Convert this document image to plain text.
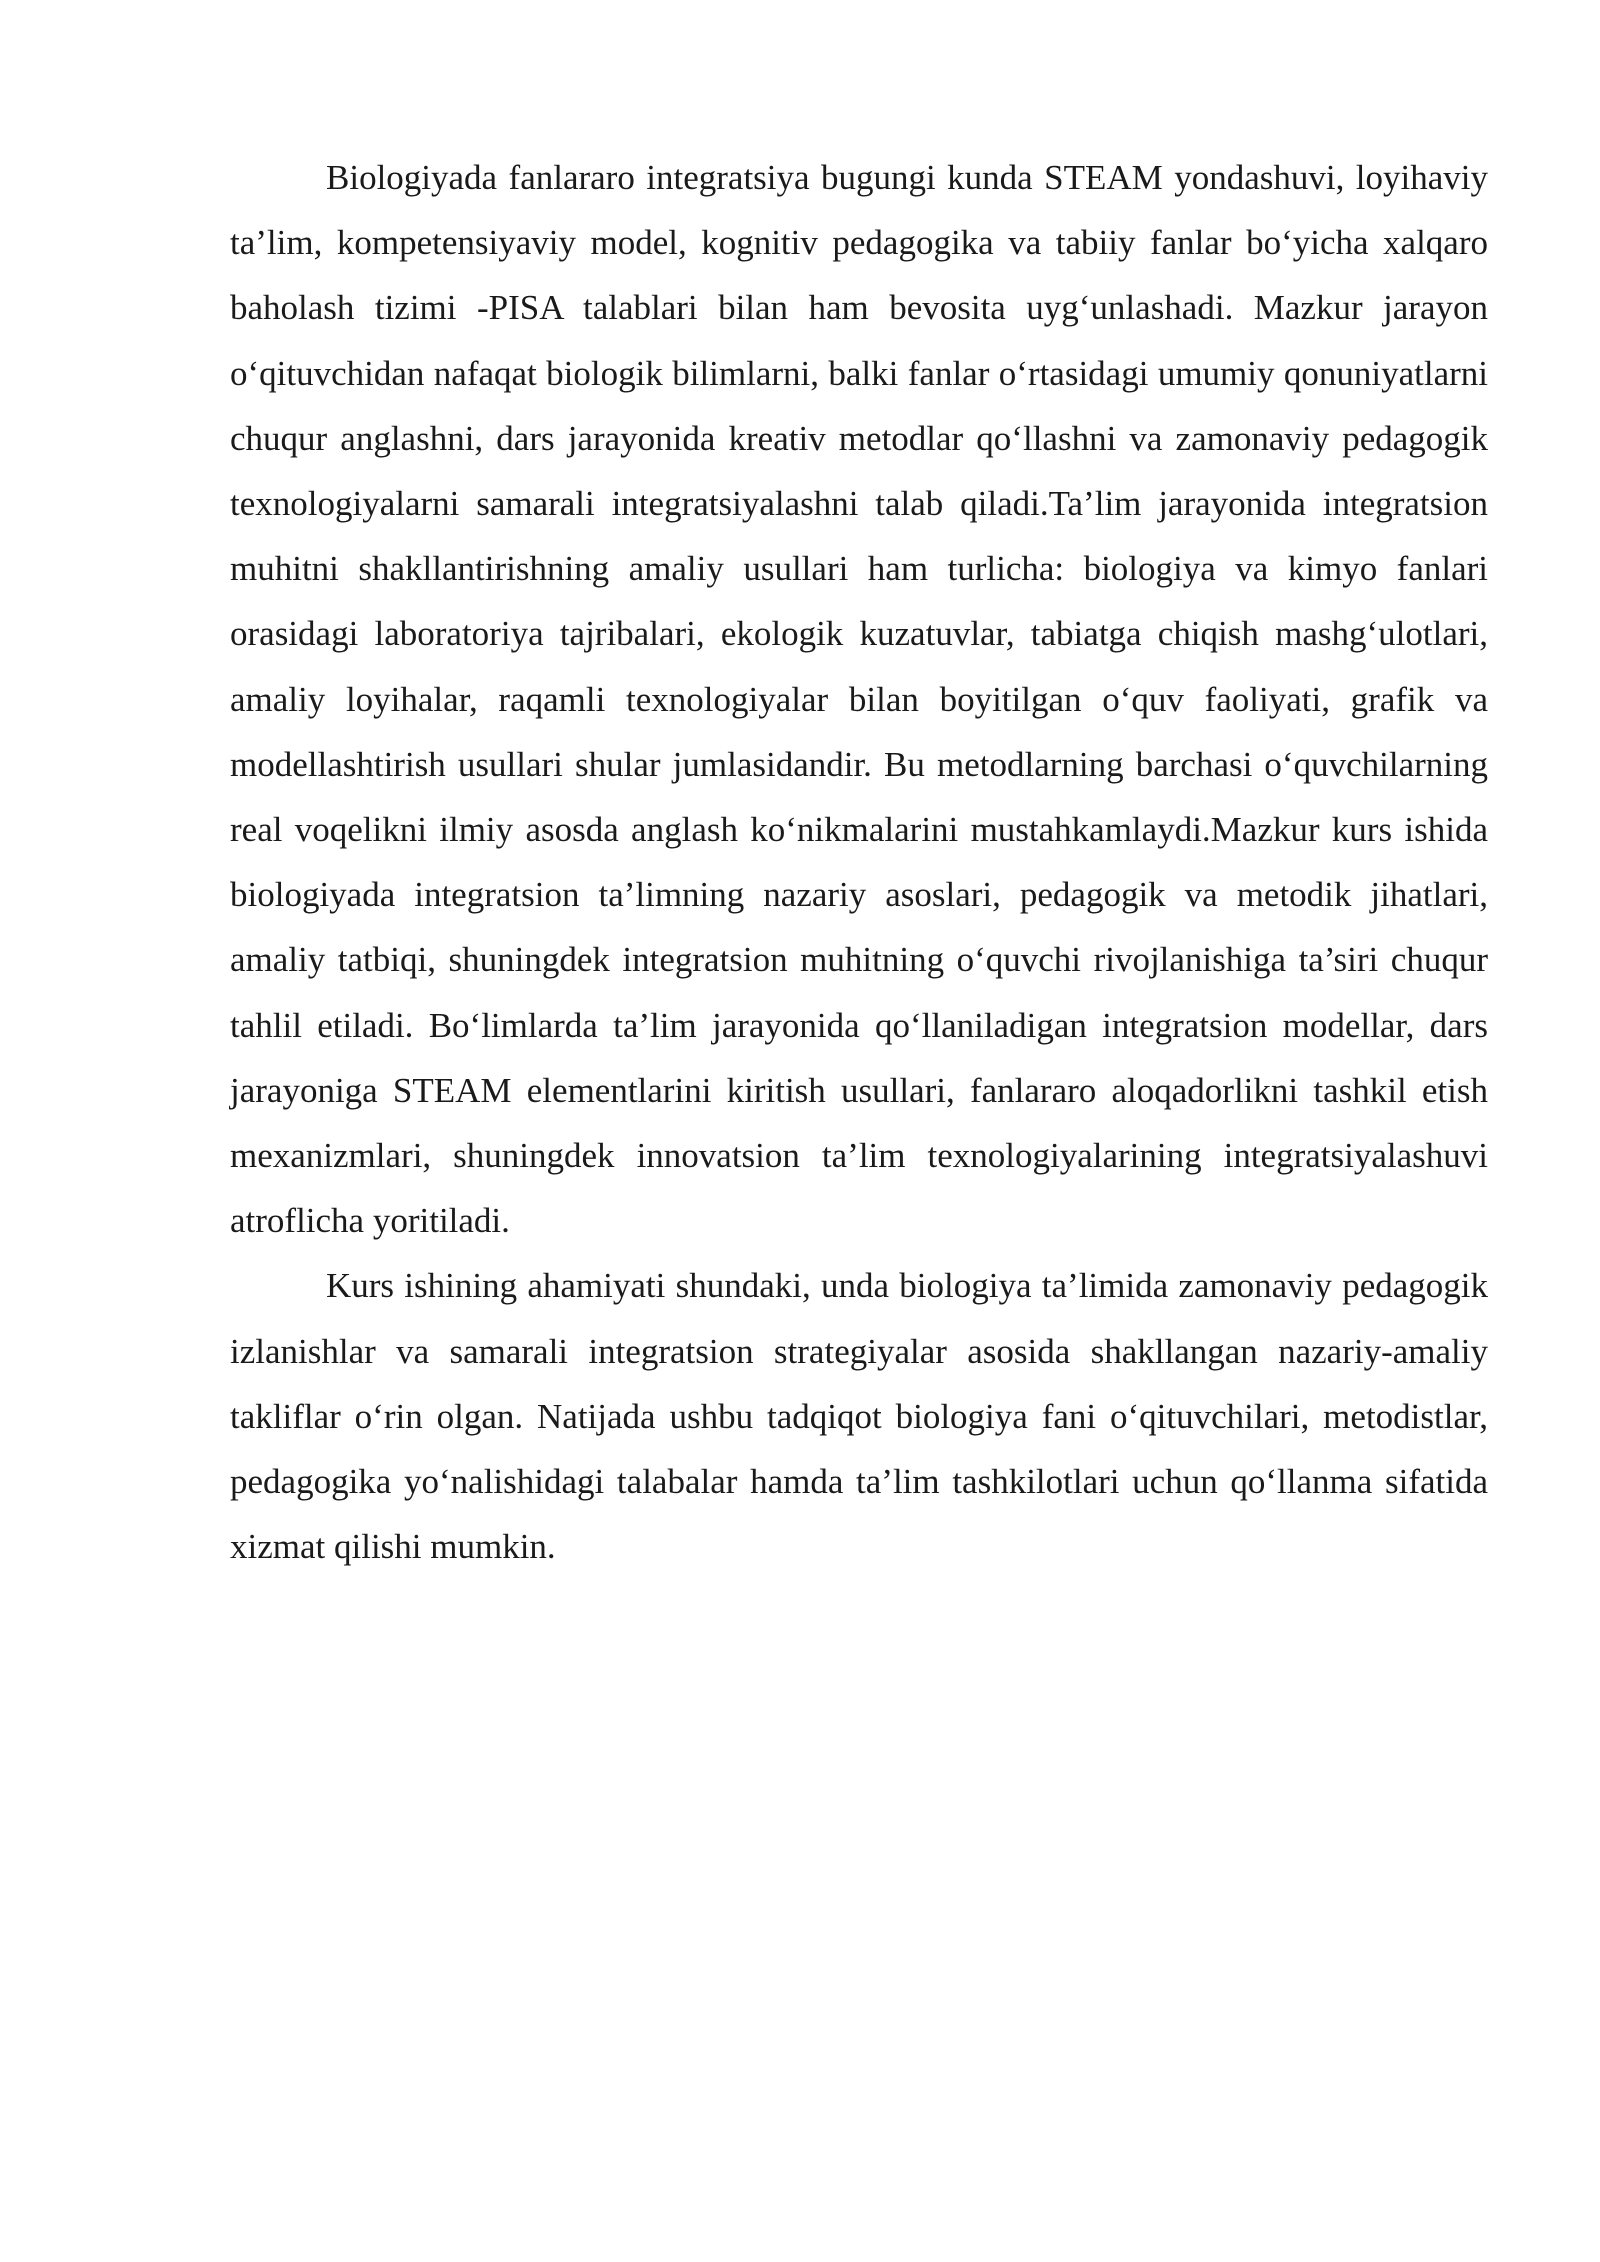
Biologiyada fanlararo integratsiya bugungi kunda STEAM yondashuvi, loyihaviy ta’lim, kompetensiyaviy model, kognitiv pedagogika va tabiiy fanlar bo‘yicha xalqaro baholash tizimi -PISA talablari bilan ham bevosita uyg‘unlashadi. Mazkur jarayon o‘qituvchidan nafaqat biologik bilimlarni, balki fanlar o‘rtasidagi umumiy qonuniyatlarni chuqur anglashni, dars jarayonida kreativ metodlar qo‘llashni va zamonaviy pedagogik texnologiyalarni samarali integratsiyalashni talab qiladi.Ta’lim jarayonida integratsion muhitni shakllantirishning amaliy usullari ham turlicha: biologiya va kimyo fanlari orasidagi laboratoriya tajribalari, ekologik kuzatuvlar, tabiatga chiqish mashg‘ulotlari, amaliy loyihalar, raqamli texnologiyalar bilan boyitilgan o‘quv faoliyati, grafik va modellashtirish usullari shular jumlasidandir. Bu metodlarning barchasi o‘quvchilarning real voqelikni ilmiy asosda anglash ko‘nikmalarini mustahkamlaydi.Mazkur kurs ishida biologiyada integratsion ta’limning nazariy asoslari, pedagogik va metodik jihatlari, amaliy tatbiqi, shuningdek integratsion muhitning o‘quvchi rivojlanishiga ta’siri chuqur tahlil etiladi. Bo‘limlarda ta’lim jarayonida qo‘llaniladigan integratsion modellar, dars jarayoniga STEAM elementlarini kiritish usullari, fanlararo aloqadorlikni tashkil etish mexanizmlari, shuningdek innovatsion ta’lim texnologiyalarining integratsiyalashuvi atroflicha yoritiladi.

Kurs ishining ahamiyati shundaki, unda biologiya ta’limida zamonaviy pedagogik izlanishlar va samarali integratsion strategiyalar asosida shakllangan nazariy-amaliy takliflar o‘rin olgan. Natijada ushbu tadqiqot biologiya fani o‘qituvchilari, metodistlar, pedagogika yo‘nalishidagi talabalar hamda ta’lim tashkilotlari uchun qo‘llanma sifatida xizmat qilishi mumkin.
